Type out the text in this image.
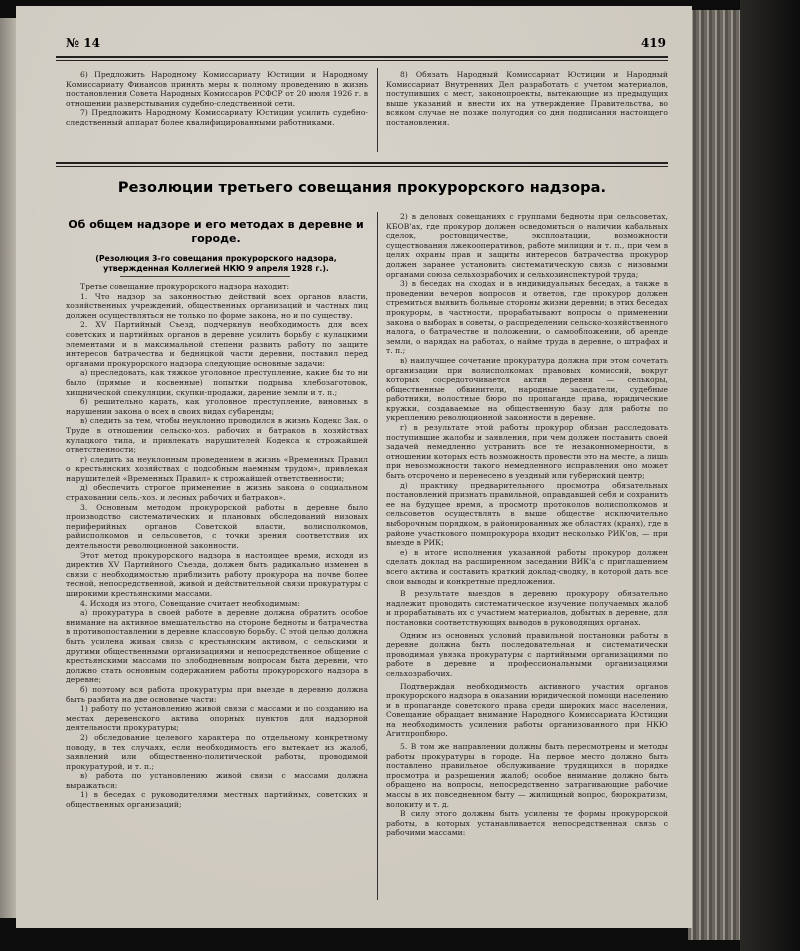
№ 14	419

6) Предложить Народному Комиссариату Юстиции и Народному Комиссариату Финансов принять меры к полному проведению в жизнь постановления Совета Народных Комиссаров РСФСР от 20 июля 1926 г. в отношении разверстывания судебно-следственной сети.

7) Предложить Народному Комиссариату Юстиции усилить судебно-следственный аппарат более квалифицированными работниками.

8) Обязать Народный Комиссариат Юстиции и Народный Комиссариат Внутренних Дел разработать с учетом материалов, поступивших с мест, законопроекты, вытекающие из предыдущих выше указаний и внести их на утверждение Правительства, во всяком случае не позже полугодия со дня подписания настоящего постановления.

Резолюции третьего совещания прокурорского надзора.
Об общем надзоре и его методах в деревне и городе.
(Резолюция 3-го совещания прокурорского надзора, утвержденная Коллегией НКЮ 9 апреля 1928 г.).

Третье совещание прокурорского надзора находит:

1. Что надзор за законностью действий всех органов власти, хозяйственных учреждений, общественных организаций и частных лиц должен осуществляться не только по форме закона, но и по существу.

2. XV Партийный Съезд, подчеркнув необходимость для всех советских и партийных органов в деревне усилить борьбу с кулацкими элементами и в максимальной степени развить работу по защите интересов батрачества и бедняцкой части деревни, поставил перед органами прокурорского надзора следующие основные задачи:

а) преследовать, как тяжкое уголовное преступление, какие бы то ни было (прямые и косвенные) попытки подрыва хлебозаготовок, хищнической спекуляции, скупки-продажи, дарение земли и т. п.;

б) решительно карать, как уголовное преступление, виновных в нарушении закона о всех в своих видах субаренды;

в) следить за тем, чтобы неуклонно проводился в жизнь Кодекс Зак. о Труде в отношении сельско-хоз. рабочих и батраков в хозяйствах кулацкого типа, и привлекать нарушителей Кодекса к строжайшей ответственности;

г) следить за неуклонным проведением в жизнь «Временных Правил о крестьянских хозяйствах с подсобным наемным трудом», привлекая нарушителей «Временных Правил» к строжайшей ответственности;

д) обеспечить строгое применение в жизнь закона о социальном страховании сель.-хоз. и лесных рабочих и батраков».

3. Основным методом прокурорской работы в деревне было производство систематических и плановых обследований низовых периферийных органов Советской власти, волисполкомов, райисполкомов и сельсоветов, с точки зрения соответствия их деятельности революционной законности.

Этот метод прокурорского надзора в настоящее время, исходя из директив XV Партийного Съезда, должен быть радикально изменен в связи с необходимостью приблизить работу прокурора на почве более тесной, непосредственной, живой и действительной связи прокуратуры с широкими крестьянскими массами.

4. Исходя из этого, Совещание считает необходимым:

а) прокуратура в своей работе в деревне должна обратить особое внимание на активное вмешательство на стороне бедноты и батрачества в противопоставлении в деревне классовую борьбу. С этой целью должна быть усилена живая связь с крестьянским активом, с сельскими и другими общественными организациями и непосредственное общение с крестьянскими массами по злободневным вопросам быта деревни, что должно стать основным содержанием работы прокурорского надзора в деревне;

б) поэтому вся работа прокуратуры при выезде в деревню должна быть разбита на две основные части:

1) работу по установлению живой связи с массами и по созданию на местах деревенского актива опорных пунктов для надзорной деятельности прокуратуры;

2) обследование целевого характера по отдельному конкретному поводу, в тех случаях, если необходимость его вытекает из жалоб, заявлений или общественно-политической работы, проводимой прокуратурой, и т. п.;

в) работа по установлению живой связи с массами должна выражаться:

1) в беседах с руководителями местных партийных, советских и общественных организаций;

2) в деловых совещаниях с группами бедноты при сельсоветах, КБОВ'ах, где прокурор должен осведомиться о наличии кабальных сделок, ростовщичестве, эксплоатации, возможности существования лжекооперативов, работе милиции и т. п., при чем в целях охраны прав и защиты интересов батрачества прокурор должен заранее установить систематическую связь с низовыми органами союза сельхозрабочих и сельхозинспектурой труда;

3) в беседах на сходах и в индивидуальных беседах, а также в проведении вечеров вопросов и ответов, где прокурор должен стремиться выявить больные стороны жизни деревни; в этих беседах прокуроры, в частности, прорабатывают вопросы о применении закона о выборах в советы, о распределении сельско-хозяйственного налога, о батрачестве и положении, о самообложении, об аренде земли, о нарядах на работах, о найме труда в деревне, о штрафах и т. п.;

в) наилучшее сочетание прокуратура должна при этом сочетать организации при волисполкомах правовых комиссий, вокруг которых сосредоточивается актив деревни — селькоры, общественные обвинители, народные заседатели, судебные работники, волостные бюро по пропаганде права, юридические кружки, создаваемые на общественную базу для работы по укреплению революционной законности в деревне.

г) в результате этой работы прокурор обязан расследовать поступившие жалобы и заявления, при чем должен поставить своей задачей немедленно устранить все те незаконномерности, в отношении которых есть возможность провести это на месте, а лишь при невозможности такого немедленного исправления оно может быть отсрочено и перенесено в уездный или губернский центр;

д) практику предварительного просмотра обязательных постановлений признать правильной, оправдавшей себя и сохранить ее на будущее время, а просмотр протоколов волисполкомов и сельсоветов осуществлять в выше обществе исключительно выборочным порядком, в районированных же областях (краях), где в районе участкового помпрокурора входит несколько РИК'ов, — при выезде в РИК;

е) в итоге исполнения указанной работы прокурор должен сделать доклад на расширенном заседании ВИК'а с приглашением всего актива и составить краткий доклад-сводку, в которой дать все свои выводы и конкретные предложения.

В результате выездов в деревню прокурору обязательно надлежит проводить систематическое изучение получаемых жалоб и прорабатывать их с участием материалов, добытых в деревне, для постановки соответствующих выводов в руководящих органах.

Одним из основных условий правильной постановки работы в деревне должна быть последовательная и систематически проводимая увязка прокуратуры с партийными организациями по работе в деревне и профессиональными организациями сельхозрабочих.

Подтверждая необходимость активного участия органов прокурорского надзора в оказании юридической помощи населению и в пропаганде советского права среди широких масс населения, Совещание обращает внимание Народного Комиссариата Юстиции на необходимость усиления работы организованного при НКЮ Агитпропбюро.

5. В том же направлении должны быть пересмотрены и методы работы прокуратуры в городе. На первое место должно быть поставлено правильное обслуживание трудящихся в порядке просмотра и разрешения жалоб; особое внимание должно быть обращено на вопросы, непосредственно затрагивающие рабочие массы в их повседневном быту — жилищный вопрос, бюрократизм, волокиту и т. д.

В силу этого должны быть усилены те формы прокурорской работы, в которых устанавливается непосредственная связь с рабочими массами:
